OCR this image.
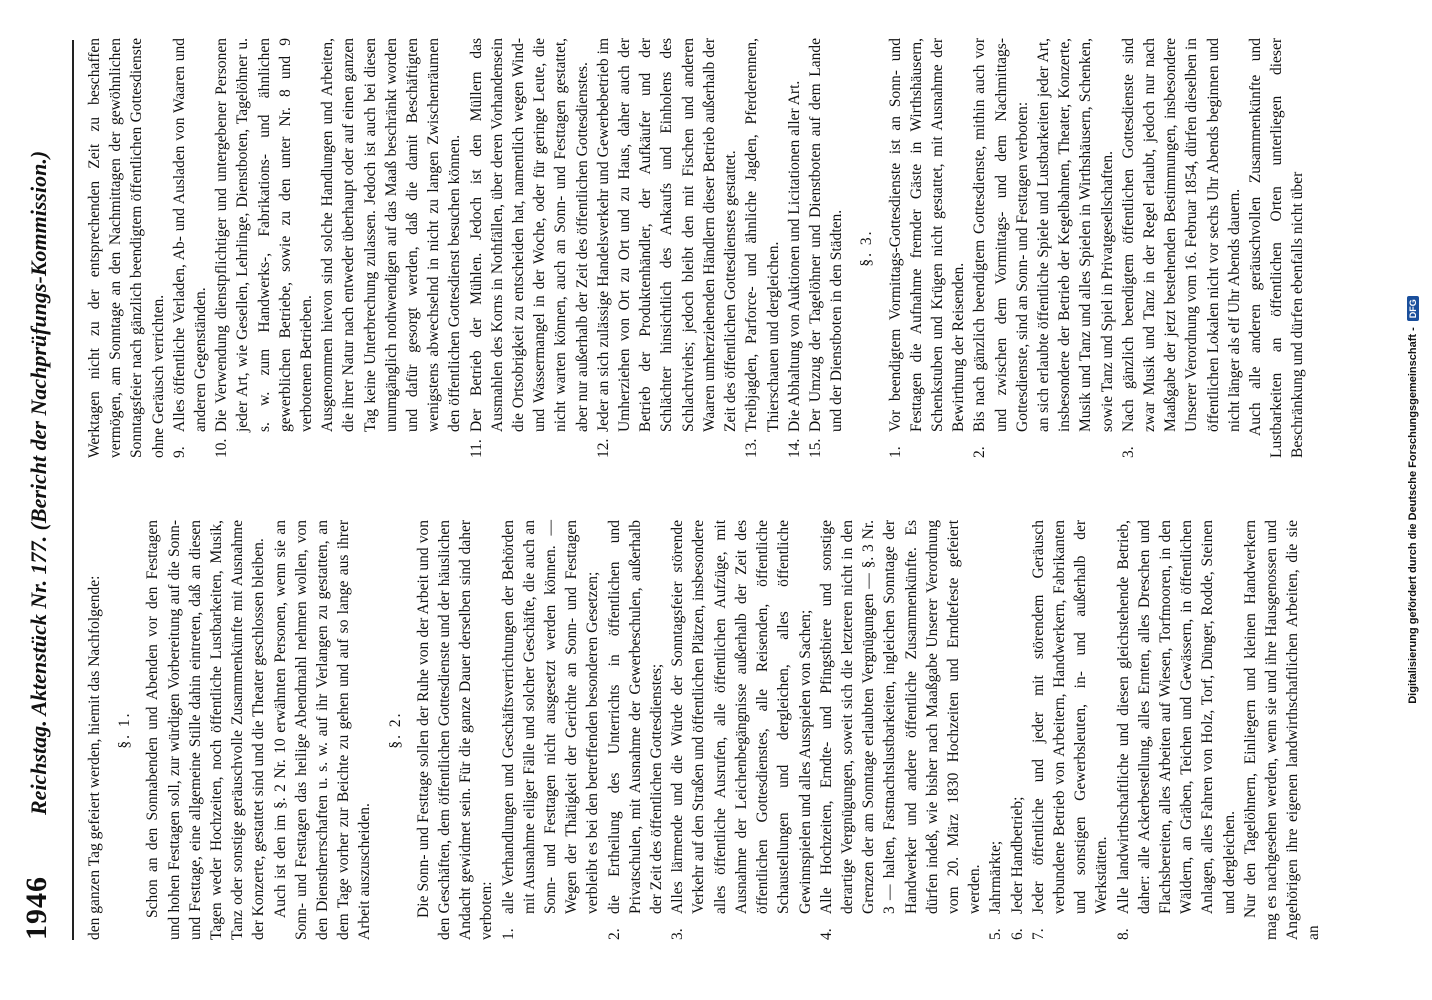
1946
Reichstag. Aktenstück Nr. 177. (Bericht der Nachprüfungs-Kommission.) den ganzen Tag gefeiert werden, hiemit das Nachfolgende: §. 1. Schon an den Sonnabenden und Abenden vor den Festtagen und hohen Festtagen soll, zur würdigen Vorbereitung auf die Sonn- und Festtage, eine allgemeine Stille dahin eintreten, daß an diesen Tagen weder Hochzeiten, noch öffentliche Lustbarkeiten, Musik, Tanz oder sonstige geräuschvolle Zusammenkünfte mit Ausnahme der Konzerte, gestattet sind und die Theater geschlossen bleiben. Auch ist den im §. 2 Nr. 10 erwähnten Personen, wenn sie an Sonn- und Festtagen das heilige Abendmahl nehmen wollen, von den Dienstherrschaften u. s. w. auf ihr Verlangen zu gestatten, an dem Tage vorher zur Beichte zu gehen und auf so lange aus ihrer Arbeit auszuscheiden.

§. 2. Die Sonn- und Festtage sollen der Ruhe von der Arbeit und von den Geschäften, dem öffentlichen Gottesdienste und der häuslichen Andacht gewidmet sein. Für die ganze Dauer derselben sind daher verboten: 1.
alle Verhandlungen und Geschäftsverrichtungen der Behörden mit Ausnahme eiliger Fälle und solcher Geschäfte, die auch an Sonn- und Festtagen nicht ausgesetzt werden können. — Wegen der Thätigkeit der Gerichte an Sonn- und Festtagen verbleibt es bei den betreffenden besonderen Gesetzen;
2.
die Ertheilung des Unterrichts in öffentlichen und Privatschulen, mit Ausnahme der Gewerbeschulen, außerhalb der Zeit des öffentlichen Gottesdienstes;
3.
Alles lärmende und die Würde der Sonntagsfeier störende Verkehr auf den Straßen und öffentlichen Plätzen, insbesondere alles öffentliche Ausrufen, alle öffentlichen Aufzüge, mit Ausnahme der Leichenbegängnisse außerhalb der Zeit des öffentlichen Gottesdienstes, alle Reisenden, öffentliche Schaustellungen und dergleichen, alles öffentliche Gewinnspielen und alles Ausspielen von Sachen;
4.
Alle Hochzeiten, Erndte- und Pfingstbiere und sonstige derartige Vergnügungen, soweit sich die letzteren nicht in den Grenzen der am Sonntage erlaubten Vergnügungen — §. 3 Nr. 3 — halten, Fastnachtslustbarkeiten, ingleichen Sonntage der Handwerker und andere öffentliche Zusammenkünfte. Es dürfen indeß, wie bisher nach Maaßgabe Unserer Verordnung vom 20. März 1830 Hochzeiten und Erndtefeste gefeiert werden.
5.
Jahrmärkte;
6.
Jeder Handbetrieb;
7.
Jeder öffentliche und jeder mit störendem Geräusch verbundene Betrieb von Arbeitern, Handwerkern, Fabrikanten und sonstigen Gewerbsleuten, in- und außerhalb der Werkstätten.
8.
Alle landwirthschaftliche und diesen gleichstehende Betrieb, daher: alle Ackerbestellung, alles Ernten, alles Dreschen und Flachsbereiten, alles Arbeiten auf Wiesen, Torfmooren, in den Wäldern, an Gräben, Teichen und Gewässern, in öffentlichen Anlagen, alles Fahren von Holz, Torf, Dünger, Rodde, Steinen und dergleichen. Nur den Tagelöhnern, Einliegern und kleinen Handwerkern mag es nachgesehen werden, wenn sie und ihre Hausgenossen und Angehörigen ihre eigenen landwirthschaftlichen Arbeiten, die sie an

Werktagen nicht zu der entsprechenden Zeit zu beschaffen vermögen, am Sonntage an den Nachmittagen der gewöhnlichen Sonntagsfeier nach gänzlich beendigtem öffentlichen Gottesdienste ohne Geräusch verrichten. 9.
Alles öffentliche Verladen, Ab- und Ausladen von Waaren und anderen Gegenständen.
10.
Die Verwendung dienstpflichtiger und untergebener Personen jeder Art, wie Gesellen, Lehrlinge, Dienstboten, Tagelöhner u. s. w. zum Handwerks-, Fabrikations- und ähnlichen gewerblichen Betriebe, sowie zu den unter Nr. 8 und 9 verbotenen Betrieben. Ausgenommen hievon sind solche Handlungen und Arbeiten, die ihrer Natur nach entweder überhaupt oder auf einen ganzen Tag keine Unterbrechung zulassen. Jedoch ist auch bei diesen unumgänglich nothwendigen auf das Maaß beschränkt worden und dafür gesorgt werden, daß die damit Beschäftigten wenigstens abwechselnd in nicht zu langen Zwischenräumen den öffentlichen Gottesdienst besuchen können.
11.
Der Betrieb der Mühlen. Jedoch ist den Müllern das Ausmahlen des Korns in Nothfällen, über deren Vorhandensein die Ortsobrigkeit zu entscheiden hat, namentlich wegen Wind- und Wassermangel in der Woche, oder für geringe Leute, die nicht warten können, auch an Sonn- und Festtagen gestattet, aber nur außerhalb der Zeit des öffentlichen Gottesdienstes.
12.
Jeder an sich zulässige Handelsverkehr und Gewerbebetrieb im Umherziehen von Ort zu Ort und zu Haus, daher auch der Betrieb der Produktenhändler, der Aufkäufer und der Schlächter hinsichtlich des Ankaufs und Einholens des Schlachtviehs; jedoch bleibt den mit Fischen und anderen Waaren umherziehenden Händlern dieser Betrieb außerhalb der Zeit des öffentlichen Gottesdienstes gestattet.
13.
Treibjagden, Parforce- und ähnliche Jagden, Pferderennen, Thierschauen und dergleichen.
14.
Die Abhaltung von Auktionen und Licitationen aller Art.
15.
Der Umzug der Tagelöhner und Dienstboten auf dem Lande und der Dienstboten in den Städten. §. 3.
1.
Vor beendigtem Vormittags-Gottesdienste ist an Sonn- und Festtagen die Aufnahme fremder Gäste in Wirthshäusern, Schenkstuben und Krügen nicht gestattet, mit Ausnahme der Bewirthung der Reisenden.
2.
Bis nach gänzlich beendigtem Gottesdienste, mithin auch vor und zwischen dem Vormittags- und dem Nachmittags-Gottesdienste, sind an Sonn- und Festtagen verboten: an sich erlaubte öffentliche Spiele und Lustbarkeiten jeder Art, insbesondere der Betrieb der Kegelbahnen, Theater, Konzerte, Musik und Tanz und alles Spielen in Wirthshäusern, Schenken, sowie Tanz und Spiel in Privatgesellschaften.
3.
Nach gänzlich beendigtem öffentlichen Gottesdienste sind zwar Musik und Tanz in der Regel erlaubt, jedoch nur nach Maaßgabe der jetzt bestehenden Bestimmungen, insbesondere Unserer Verordnung vom 16. Februar 1854, dürfen dieselben in öffentlichen Lokalen nicht vor sechs Uhr Abends beginnen und nicht länger als elf Uhr Abends dauern. Auch alle anderen geräuschvollen Zusammenkünfte und Lustbarkeiten an öffentlichen Orten unterliegen dieser Beschränkung und dürfen ebenfalls nicht über

Digitalisierung gefördert durch die Deutsche Forschungsgemeinschaft -
DFG
